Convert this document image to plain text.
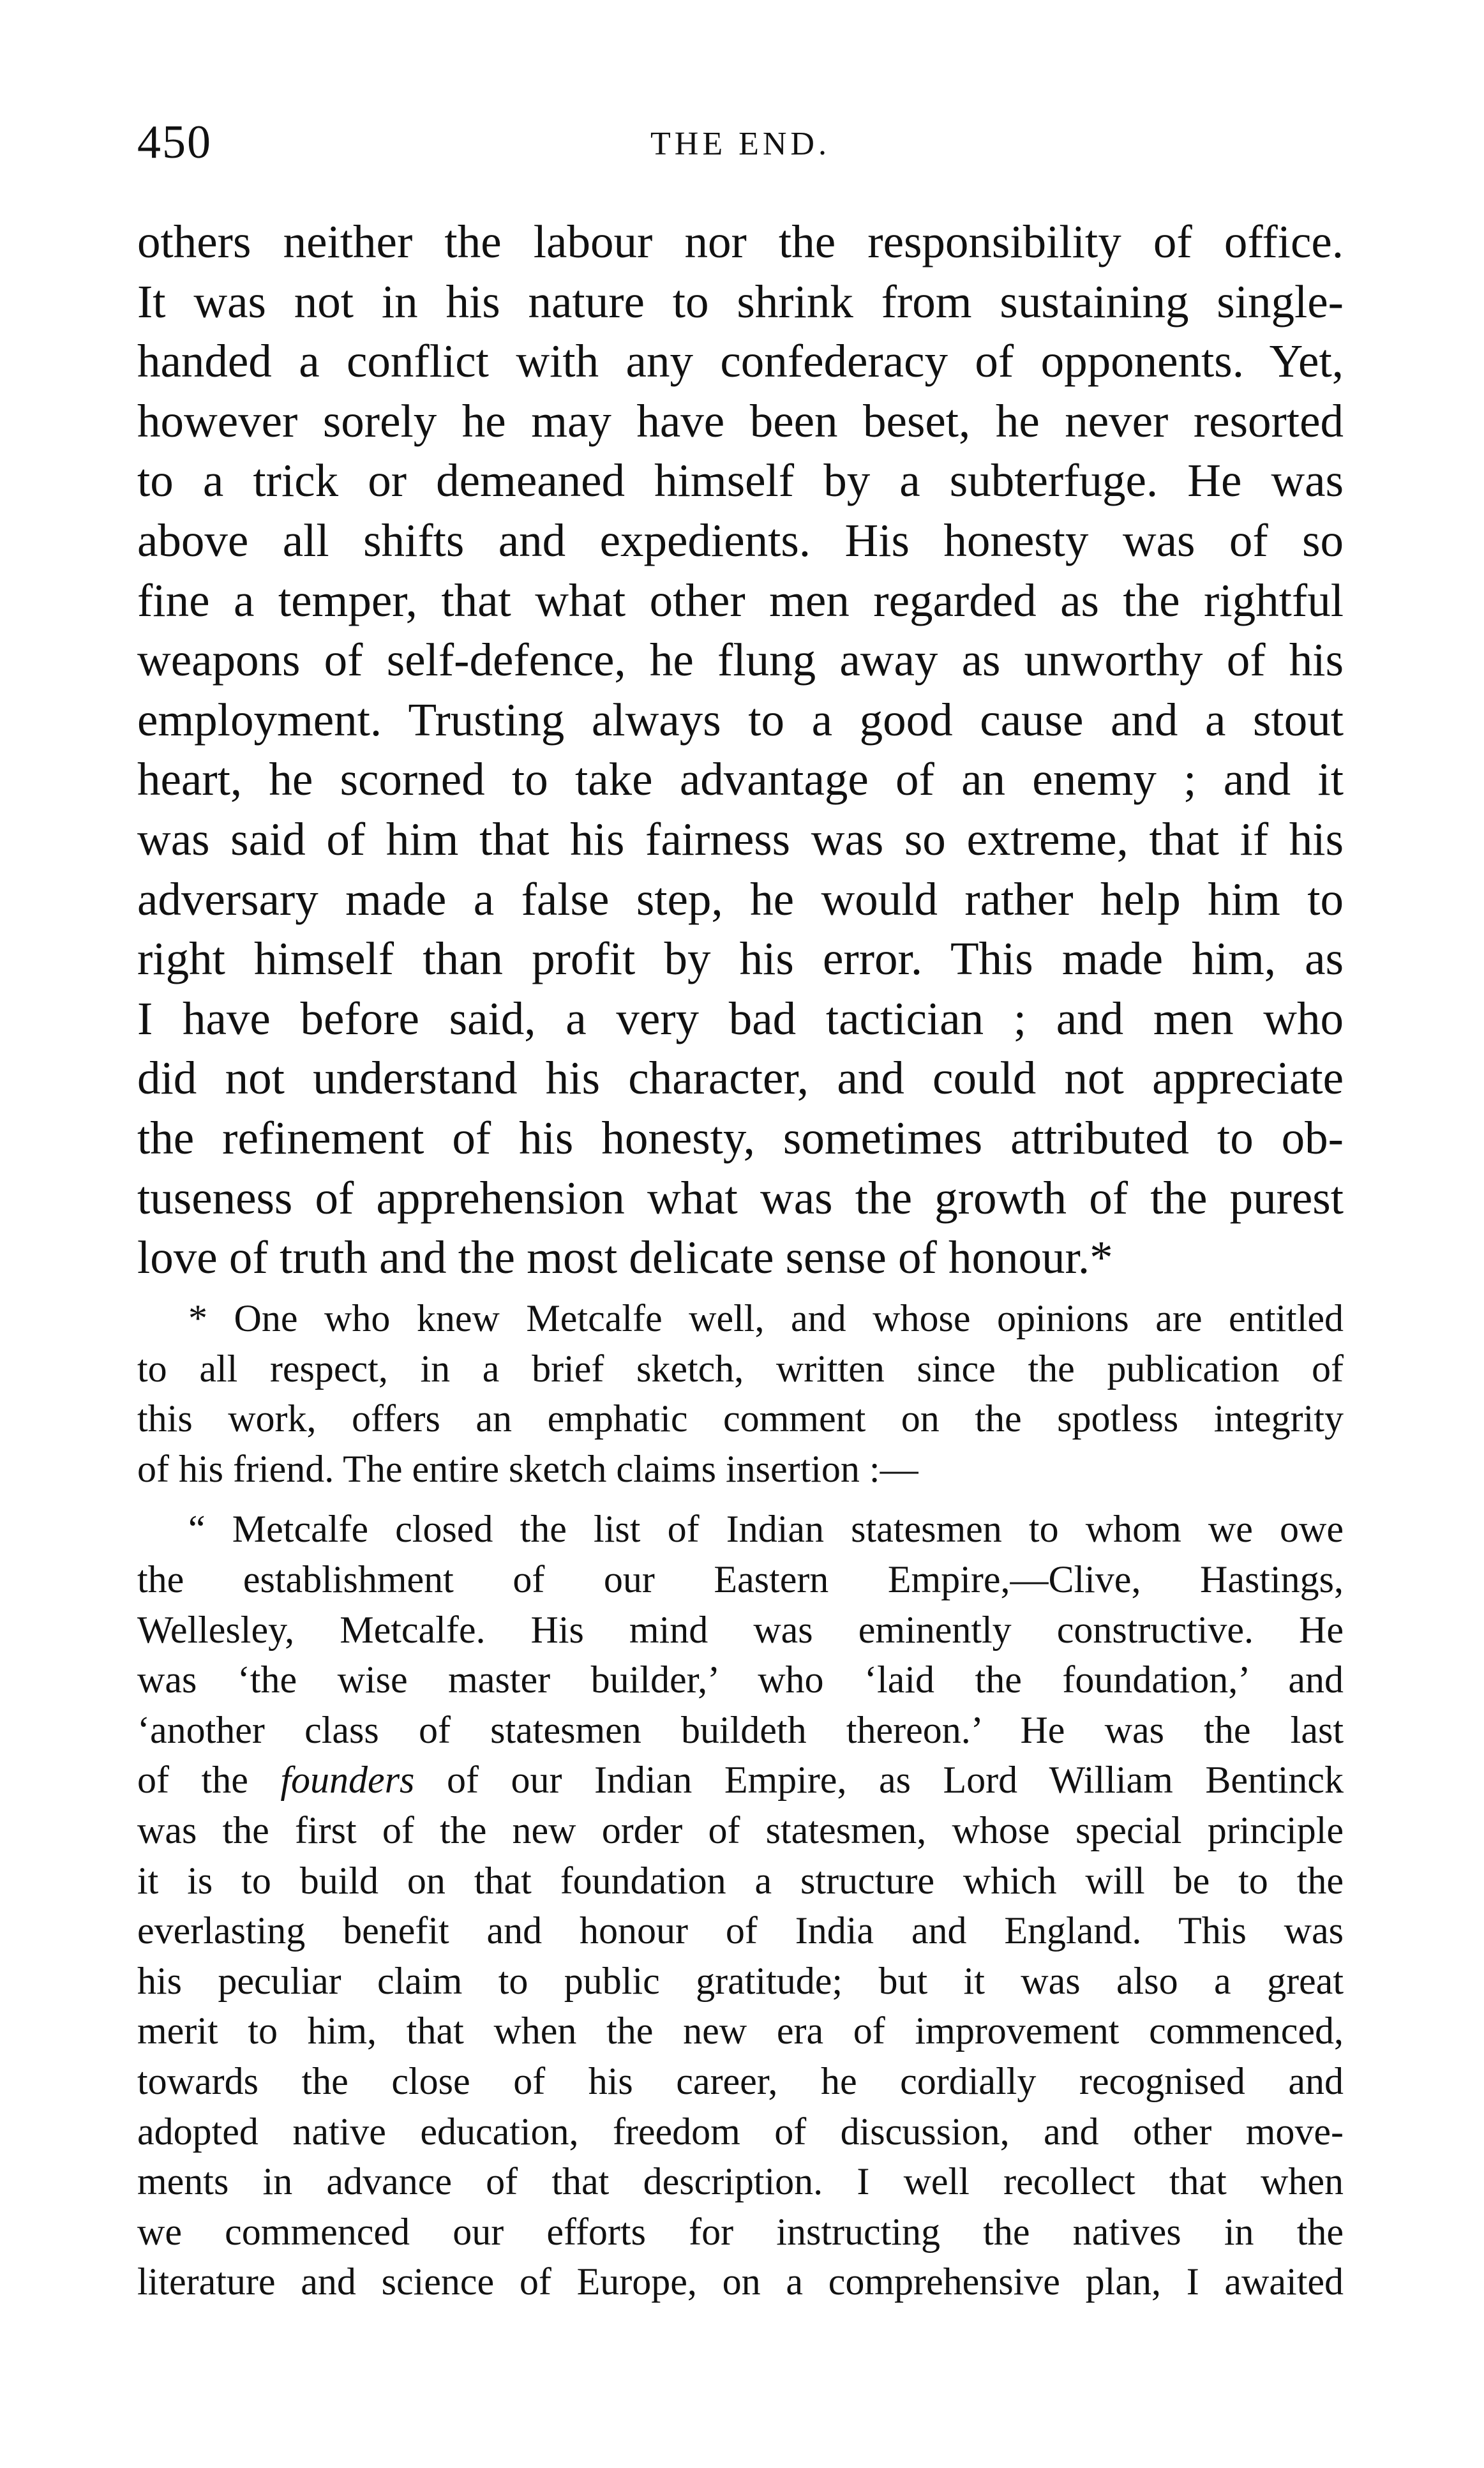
450	THE END.
others neither the labour nor the responsibility of office.
It was not in his nature to shrink from sustaining single-
handed a conflict with any confederacy of opponents. Yet,
however sorely he may have been beset, he never resorted
to a trick or demeaned himself by a subterfuge. He was
above all shifts and expedients. His honesty was of so
fine a temper, that what other men regarded as the rightful
weapons of self-defence, he flung away as unworthy of his
employment. Trusting always to a good cause and a stout
heart, he scorned to take advantage of an enemy ; and it
was said of him that his fairness was so extreme, that if his
adversary made a false step, he would rather help him to
right himself than profit by his error. This made him, as
I have before said, a very bad tactician ; and men who
did not understand his character, and could not appreciate
the refinement of his honesty, sometimes attributed to ob-
tuseness of apprehension what was the growth of the purest
love of truth and the most delicate sense of honour.*
* One who knew Metcalfe well, and whose opinions are entitled
to all respect, in a brief sketch, written since the publication of
this work, offers an emphatic comment on the spotless integrity
of his friend. The entire sketch claims insertion :—
“ Metcalfe closed the list of Indian statesmen to whom we owe
the establishment of our Eastern Empire,—Clive, Hastings,
Wellesley, Metcalfe. His mind was eminently constructive. He
was ‘the wise master builder,’ who ‘laid the foundation,’ and
‘another class of statesmen buildeth thereon.’ He was the last
of the founders of our Indian Empire, as Lord William Bentinck
was the first of the new order of statesmen, whose special principle
it is to build on that foundation a structure which will be to the
everlasting benefit and honour of India and England. This was
his peculiar claim to public gratitude; but it was also a great
merit to him, that when the new era of improvement commenced,
towards the close of his career, he cordially recognised and
adopted native education, freedom of discussion, and other move-
ments in advance of that description. I well recollect that when
we commenced our efforts for instructing the natives in the
literature and science of Europe, on a comprehensive plan, I awaited
